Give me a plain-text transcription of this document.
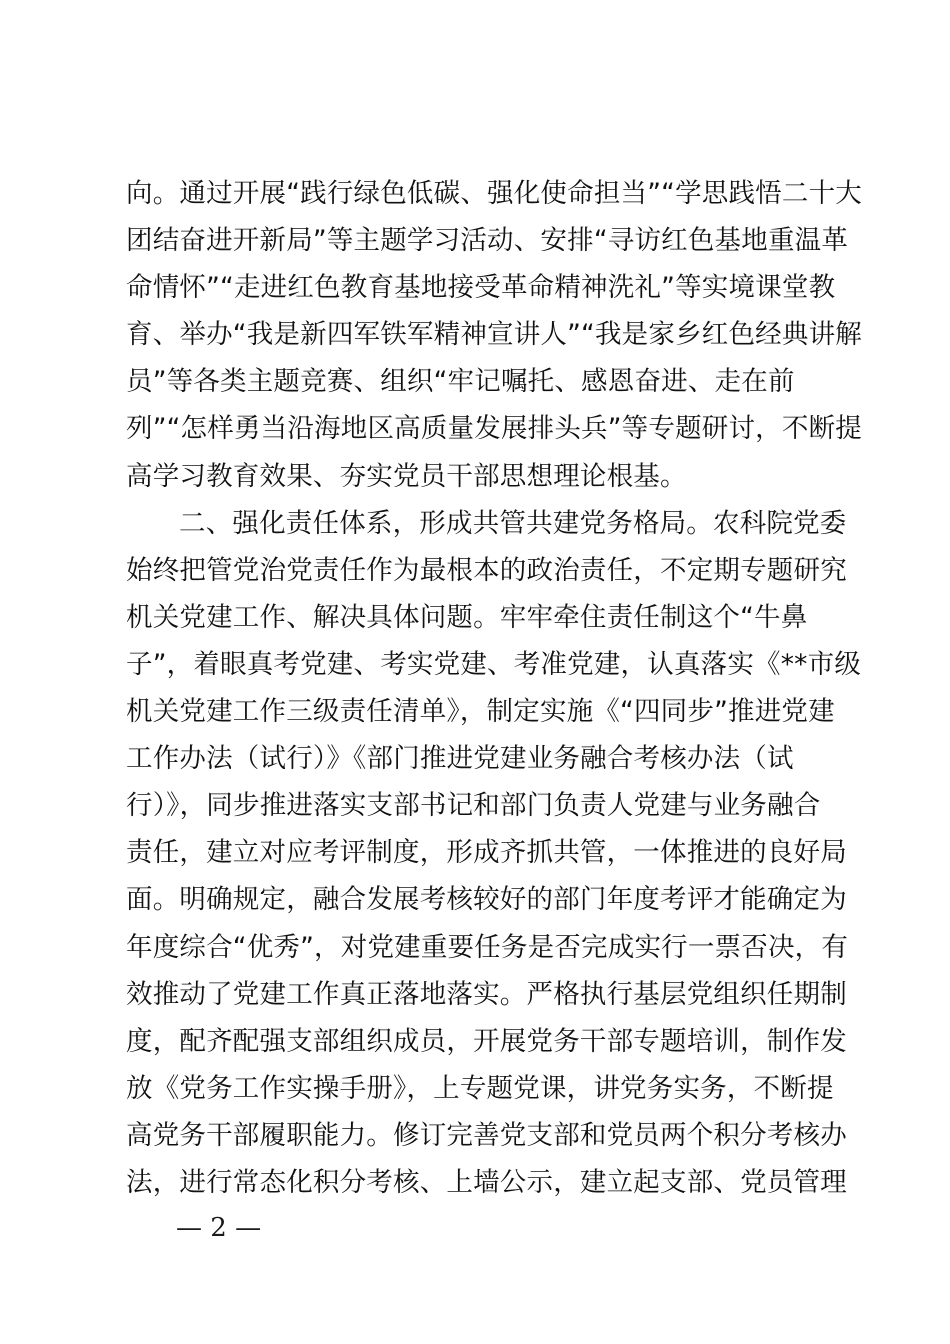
向。通过开展“践行绿色低碳、强化使命担当”“学思践悟二十大
团结奋进开新局”等主题学习活动、安排“寻访红色基地重温革
命情怀”“走进红色教育基地接受革命精神洗礼”等实境课堂教
育、举办“我是新四军铁军精神宣讲人”“我是家乡红色经典讲解
员”等各类主题竞赛、组织“牢记嘱托、感恩奋进、走在前
列”“怎样勇当沿海地区高质量发展排头兵”等专题研讨，不断提
高学习教育效果、夯实党员干部思想理论根基。
二、强化责任体系，形成共管共建党务格局。农科院党委
始终把管党治党责任作为最根本的政治责任，不定期专题研究
机关党建工作、解决具体问题。牢牢牵住责任制这个“牛鼻
子”，着眼真考党建、考实党建、考准党建，认真落实《**市级
机关党建工作三级责任清单》，制定实施《“四同步”推进党建
工作办法（试行）》《部门推进党建业务融合考核办法（试
行）》，同步推进落实支部书记和部门负责人党建与业务融合
责任，建立对应考评制度，形成齐抓共管，一体推进的良好局
面。明确规定，融合发展考核较好的部门年度考评才能确定为
年度综合“优秀”，对党建重要任务是否完成实行一票否决，有
效推动了党建工作真正落地落实。严格执行基层党组织任期制
度，配齐配强支部组织成员，开展党务干部专题培训，制作发
放《党务工作实操手册》，上专题党课，讲党务实务，不断提
高党务干部履职能力。修订完善党支部和党员两个积分考核办
法，进行常态化积分考核、上墙公示，建立起支部、党员管理
— 2 —
